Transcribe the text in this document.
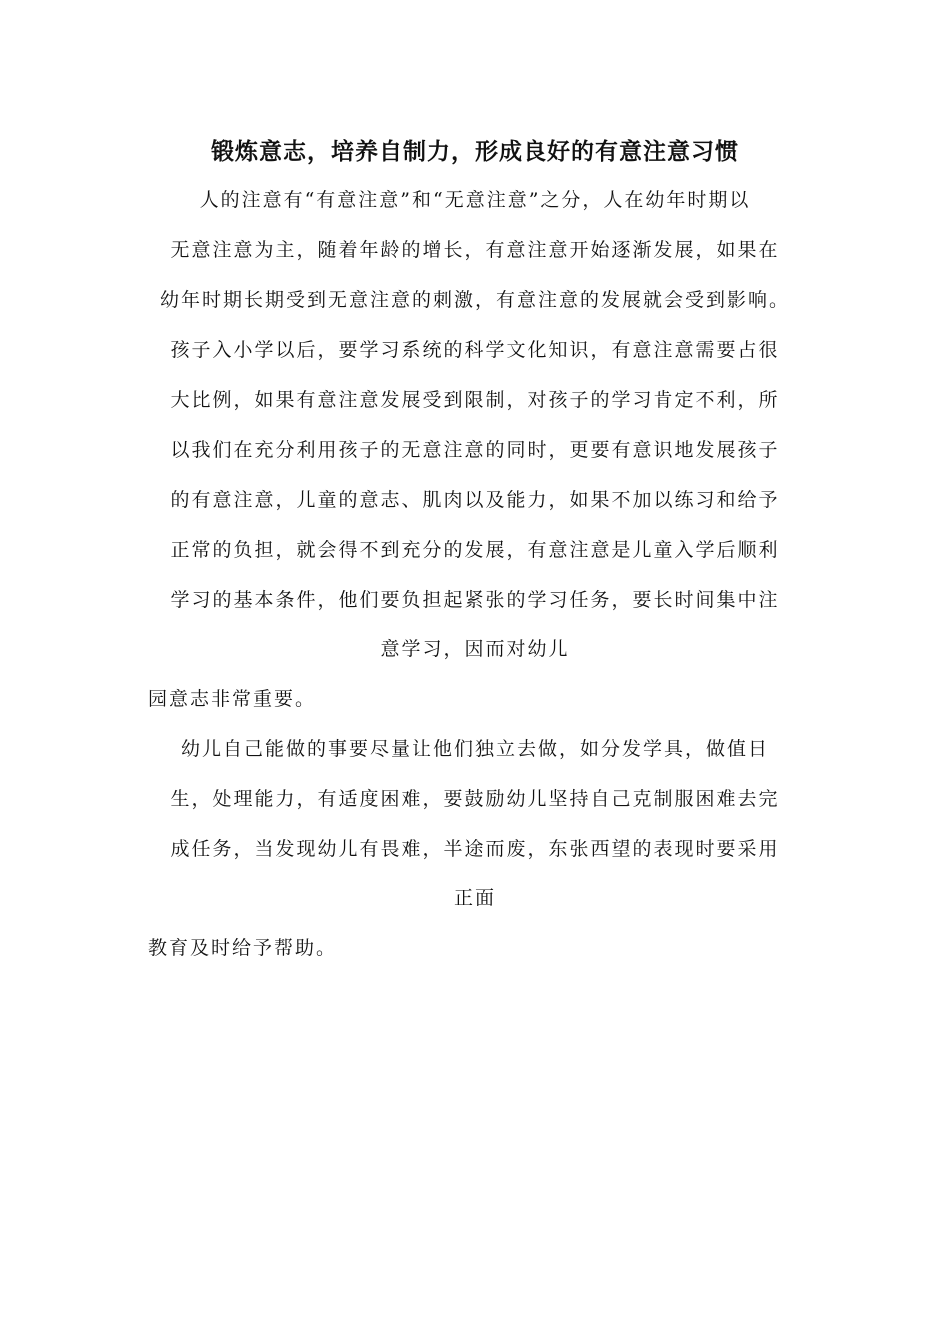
锻炼意志，培养自制力，形成良好的有意注意习惯
人的注意有“有意注意”和“无意注意”之分，人在幼年时期以
无意注意为主，随着年龄的增长，有意注意开始逐渐发展，如果在
幼年时期长期受到无意注意的刺激，有意注意的发展就会受到影响。
孩子入小学以后，要学习系统的科学文化知识，有意注意需要占很
大比例，如果有意注意发展受到限制，对孩子的学习肯定不利，所
以我们在充分利用孩子的无意注意的同时，更要有意识地发展孩子
的有意注意，儿童的意志、肌肉以及能力，如果不加以练习和给予
正常的负担，就会得不到充分的发展，有意注意是儿童入学后顺利
学习的基本条件，他们要负担起紧张的学习任务，要长时间集中注
意学习，因而对幼儿
园意志非常重要。
幼儿自己能做的事要尽量让他们独立去做，如分发学具，做值日
生，处理能力，有适度困难，要鼓励幼儿坚持自己克制服困难去完
成任务，当发现幼儿有畏难，半途而废，东张西望的表现时要采用
正面
教育及时给予帮助。
